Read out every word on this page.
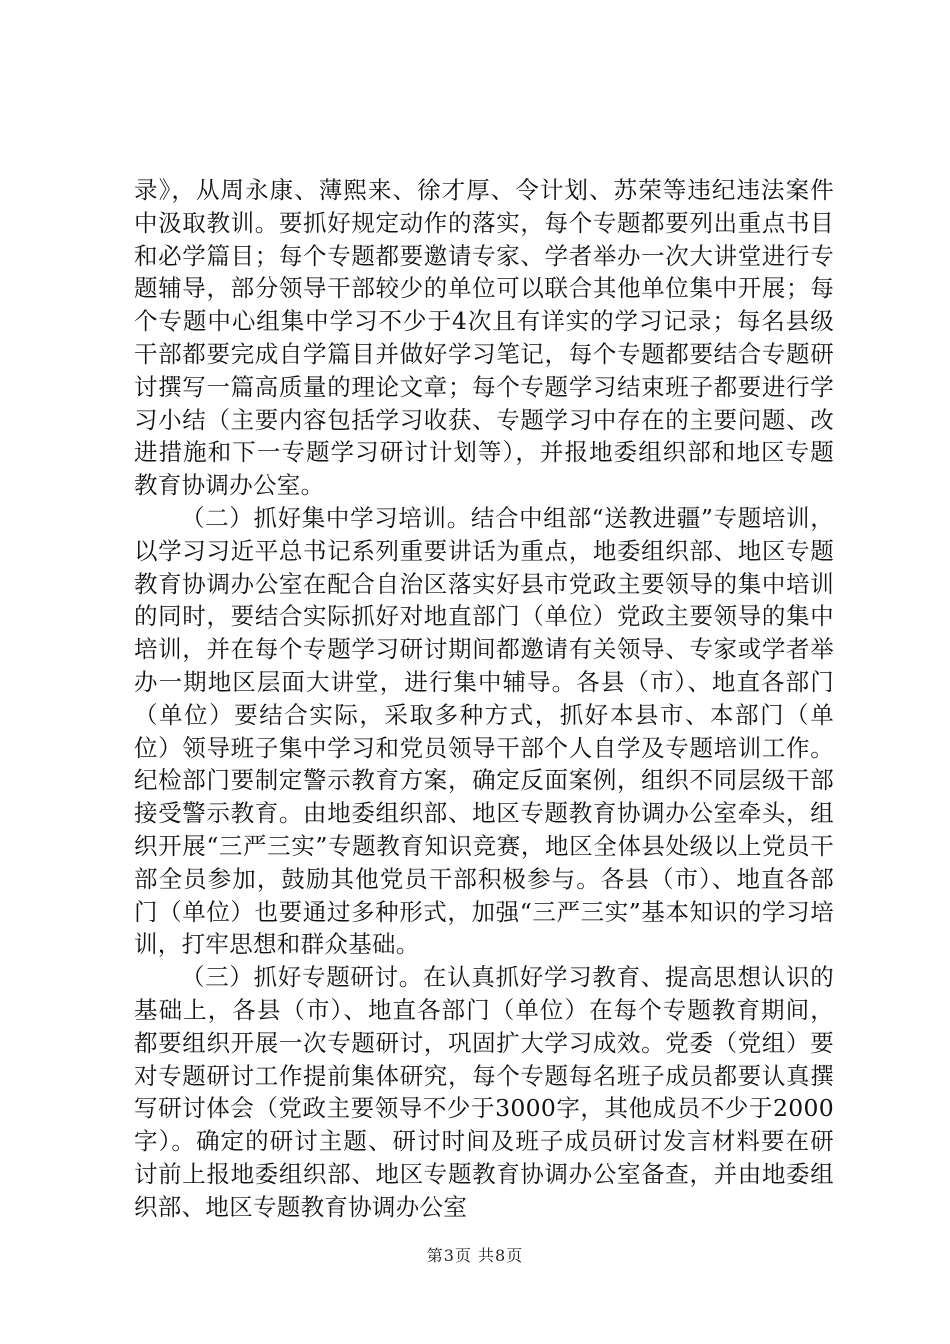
录》，从周永康、薄熙来、徐才厚、令计划、苏荣等违纪违法案件中汲取教训。要抓好规定动作的落实，每个专题都要列出重点书目和必学篇目；每个专题都要邀请专家、学者举办一次大讲堂进行专题辅导，部分领导干部较少的单位可以联合其他单位集中开展；每个专题中心组集中学习不少于4次且有详实的学习记录；每名县级干部都要完成自学篇目并做好学习笔记，每个专题都要结合专题研讨撰写一篇高质量的理论文章；每个专题学习结束班子都要进行学习小结（主要内容包括学习收获、专题学习中存在的主要问题、改进措施和下一专题学习研讨计划等），并报地委组织部和地区专题教育协调办公室。

（二）抓好集中学习培训。结合中组部“送教进疆”专题培训，以学习习近平总书记系列重要讲话为重点，地委组织部、地区专题教育协调办公室在配合自治区落实好县市党政主要领导的集中培训的同时，要结合实际抓好对地直部门（单位）党政主要领导的集中培训，并在每个专题学习研讨期间都邀请有关领导、专家或学者举办一期地区层面大讲堂，进行集中辅导。各县（市）、地直各部门（单位）要结合实际，采取多种方式，抓好本县市、本部门（单位）领导班子集中学习和党员领导干部个人自学及专题培训工作。纪检部门要制定警示教育方案，确定反面案例，组织不同层级干部接受警示教育。由地委组织部、地区专题教育协调办公室牵头，组织开展“三严三实”专题教育知识竞赛，地区全体县处级以上党员干部全员参加，鼓励其他党员干部积极参与。各县（市）、地直各部门（单位）也要通过多种形式，加强“三严三实”基本知识的学习培训，打牢思想和群众基础。

（三）抓好专题研讨。在认真抓好学习教育、提高思想认识的基础上，各县（市）、地直各部门（单位）在每个专题教育期间，都要组织开展一次专题研讨，巩固扩大学习成效。党委（党组）要对专题研讨工作提前集体研究，每个专题每名班子成员都要认真撰写研讨体会（党政主要领导不少于3000字，其他成员不少于2000字）。确定的研讨主题、研讨时间及班子成员研讨发言材料要在研讨前上报地委组织部、地区专题教育协调办公室备查，并由地委组织部、地区专题教育协调办公室

第3页 共8页
